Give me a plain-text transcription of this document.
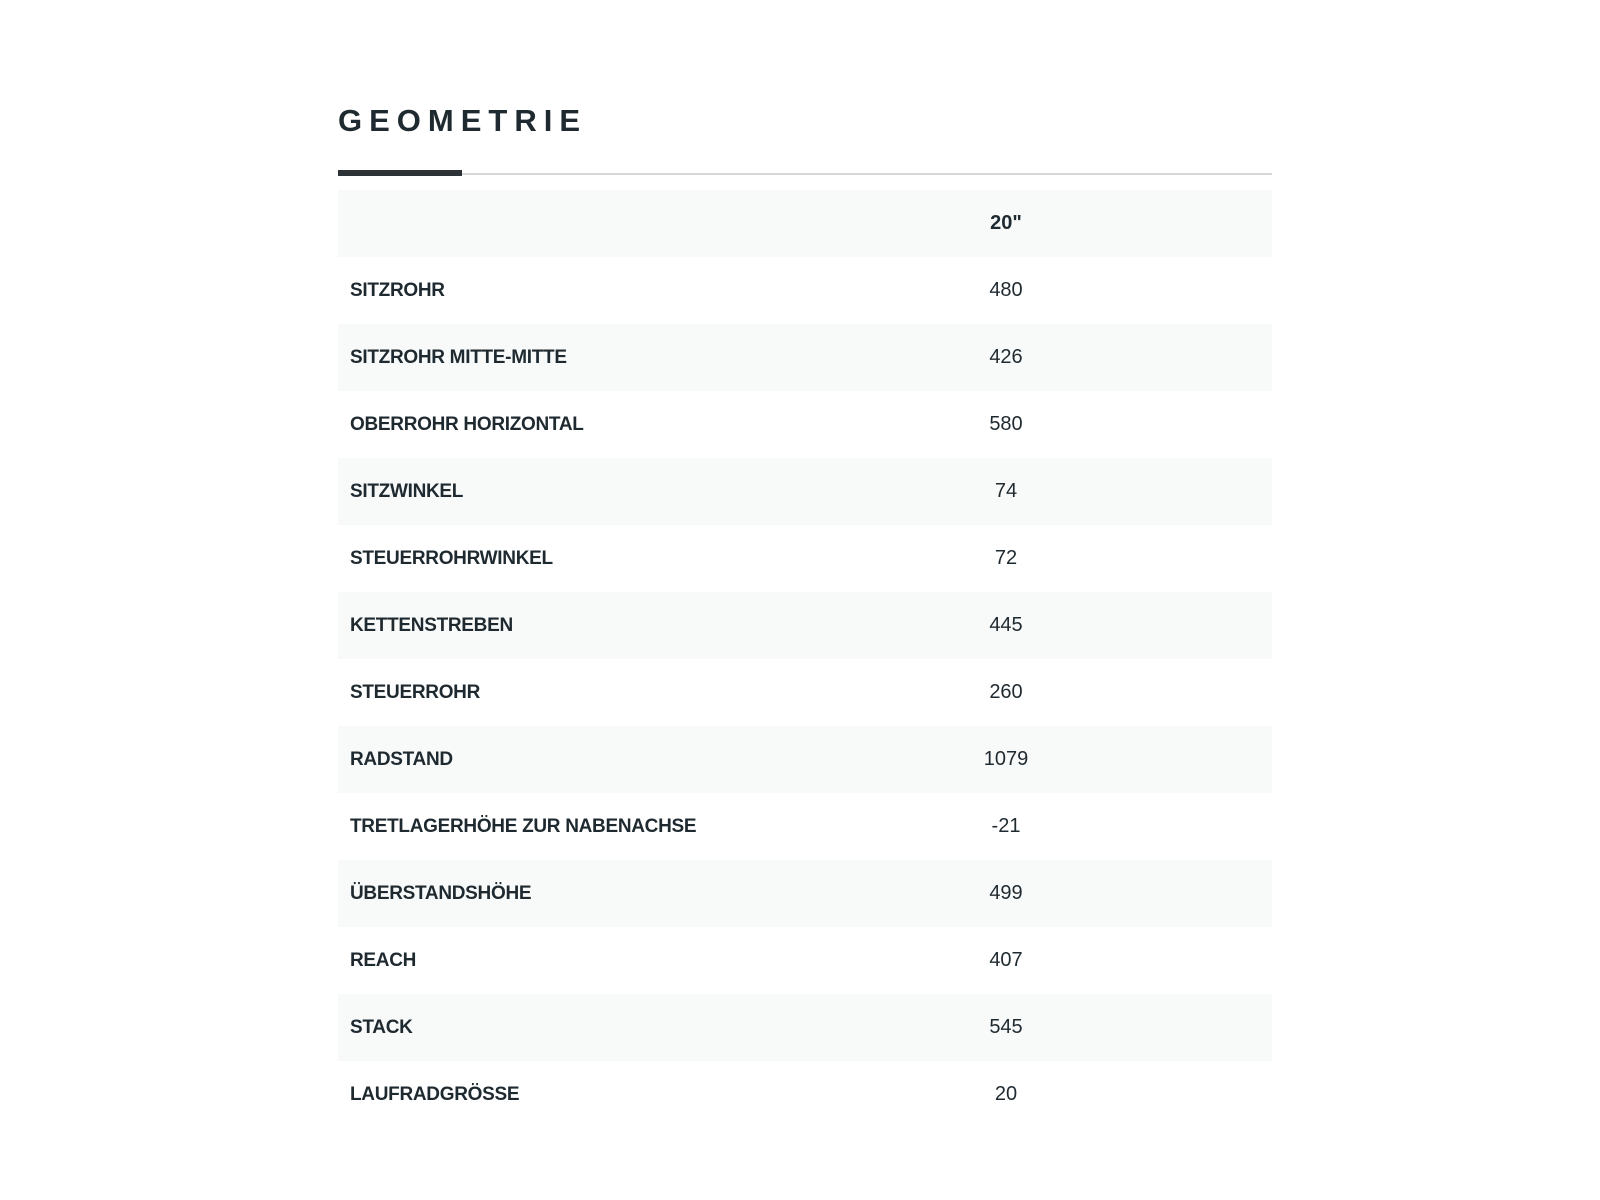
GEOMETRIE
	20"	
SITZROHR	480	
SITZROHR MITTE-MITTE	426	
OBERROHR HORIZONTAL	580	
SITZWINKEL	74	
STEUERROHRWINKEL	72	
KETTENSTREBEN	445	
STEUERROHR	260	
RADSTAND	1079	
TRETLAGERHÖHE ZUR NABENACHSE	-21	
ÜBERSTANDSHÖHE	499	
REACH	407	
STACK	545	
LAUFRADGRÖSSE	20	
